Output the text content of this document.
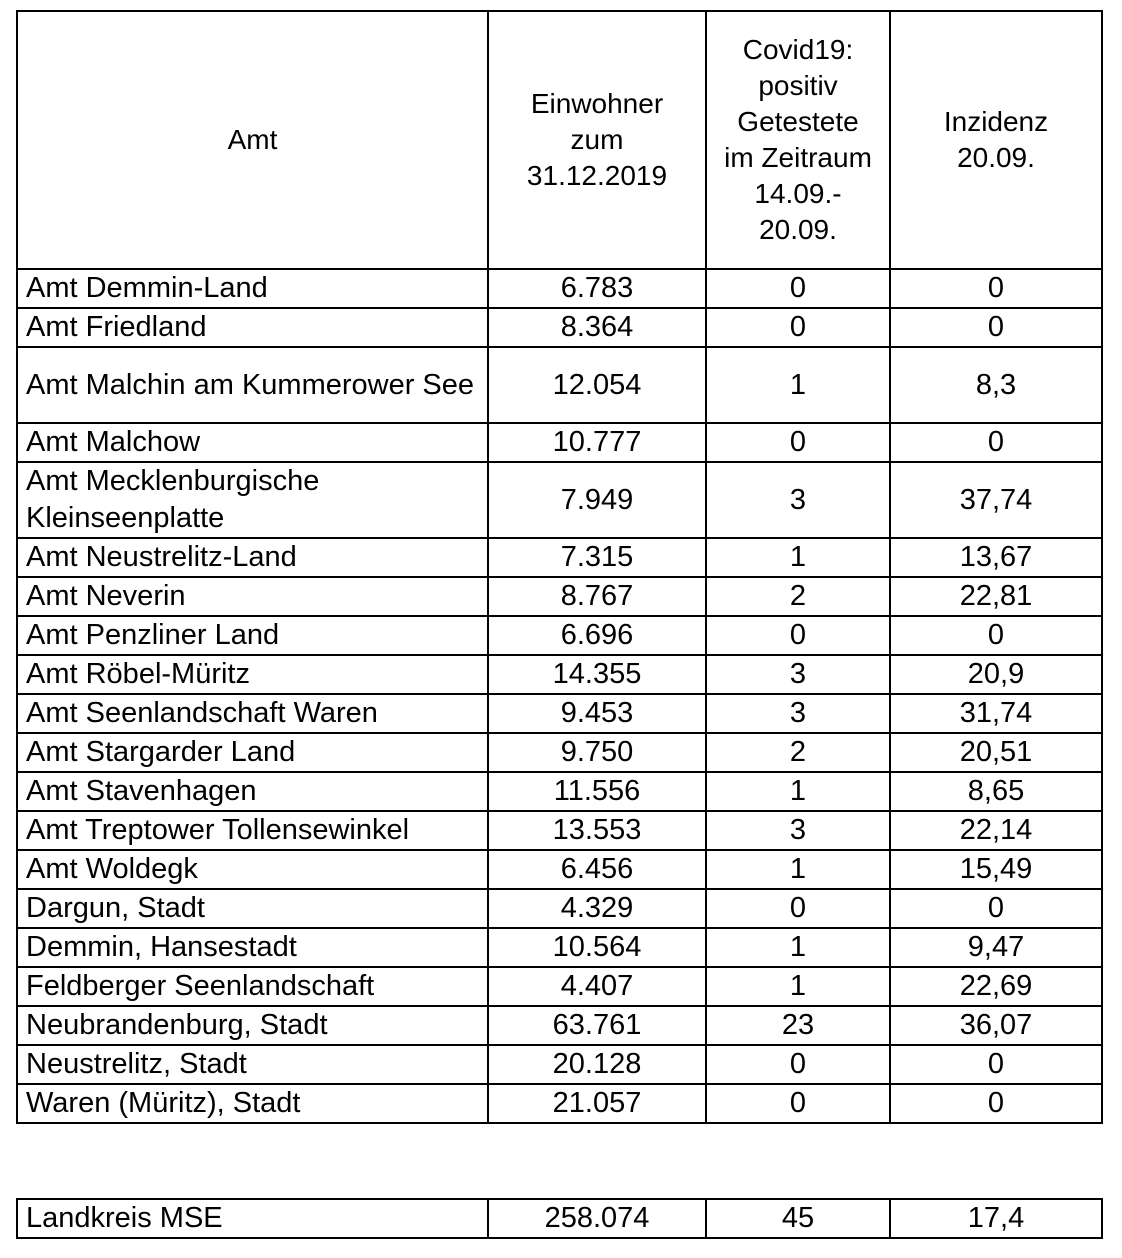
Amt	Einwohner zum 31.12.2019	Covid19: positiv Getestete im Zeitraum 14.09.- 20.09.	Inzidenz 20.09.

Amt Demmin-Land	6.783	0	0
Amt Friedland	8.364	0	0
Amt Malchin am Kummerower See	12.054	1	8,3
Amt Malchow	10.777	0	0
Amt Mecklenburgische Kleinseenplatte	7.949	3	37,74
Amt Neustrelitz-Land	7.315	1	13,67
Amt Neverin	8.767	2	22,81
Amt Penzliner Land	6.696	0	0
Amt Röbel-Müritz	14.355	3	20,9
Amt Seenlandschaft Waren	9.453	3	31,74
Amt Stargarder Land	9.750	2	20,51
Amt Stavenhagen	11.556	1	8,65
Amt Treptower Tollensewinkel	13.553	3	22,14
Amt Woldegk	6.456	1	15,49
Dargun, Stadt	4.329	0	0
Demmin, Hansestadt	10.564	1	9,47
Feldberger Seenlandschaft	4.407	1	22,69
Neubrandenburg, Stadt	63.761	23	36,07
Neustrelitz, Stadt	20.128	0	0
Waren (Müritz), Stadt	21.057	0	0
Landkreis MSE	258.074	45	17,4
